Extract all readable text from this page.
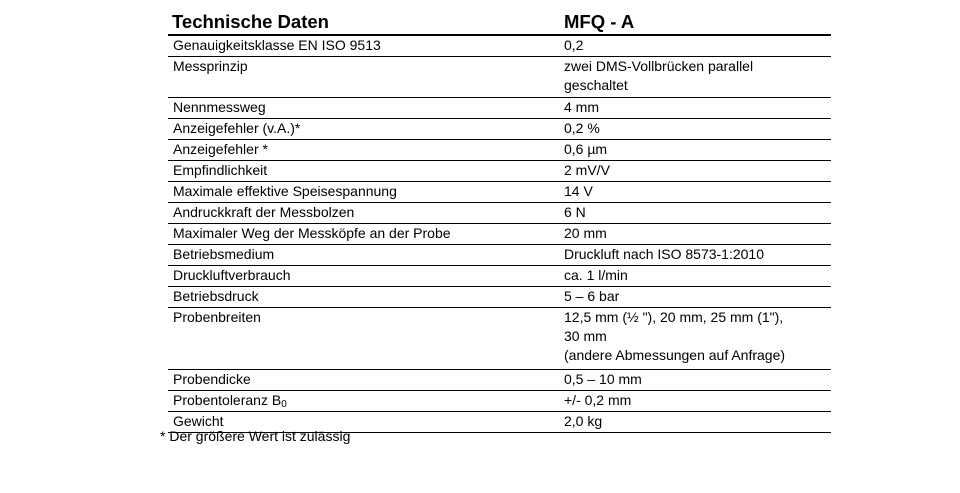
Technische Daten	MFQ - A
Genauigkeitsklasse EN ISO 9513	0,2
Messprinzip	zwei DMS-Vollbrücken parallel
geschaltet
Nennmessweg	4 mm
Anzeigefehler (v.A.)*	0,2 %
Anzeigefehler *	0,6 µm
Empfindlichkeit	2 mV/V
Maximale effektive Speisespannung	14 V
Andruckkraft der Messbolzen	6 N
Maximaler Weg der Messköpfe an der Probe	20 mm
Betriebsmedium	Druckluft nach ISO 8573-1:2010
Druckluftverbrauch	ca. 1 l/min
Betriebsdruck	5 – 6 bar
Probenbreiten	12,5 mm (½ "), 20 mm, 25 mm (1"),
30 mm
(andere Abmessungen auf Anfrage)
Probendicke	0,5 – 10 mm
Probentoleranz $B_0$	+/- 0,2 mm
Gewicht	2,0 kg
* Der größere Wert ist zulässig
